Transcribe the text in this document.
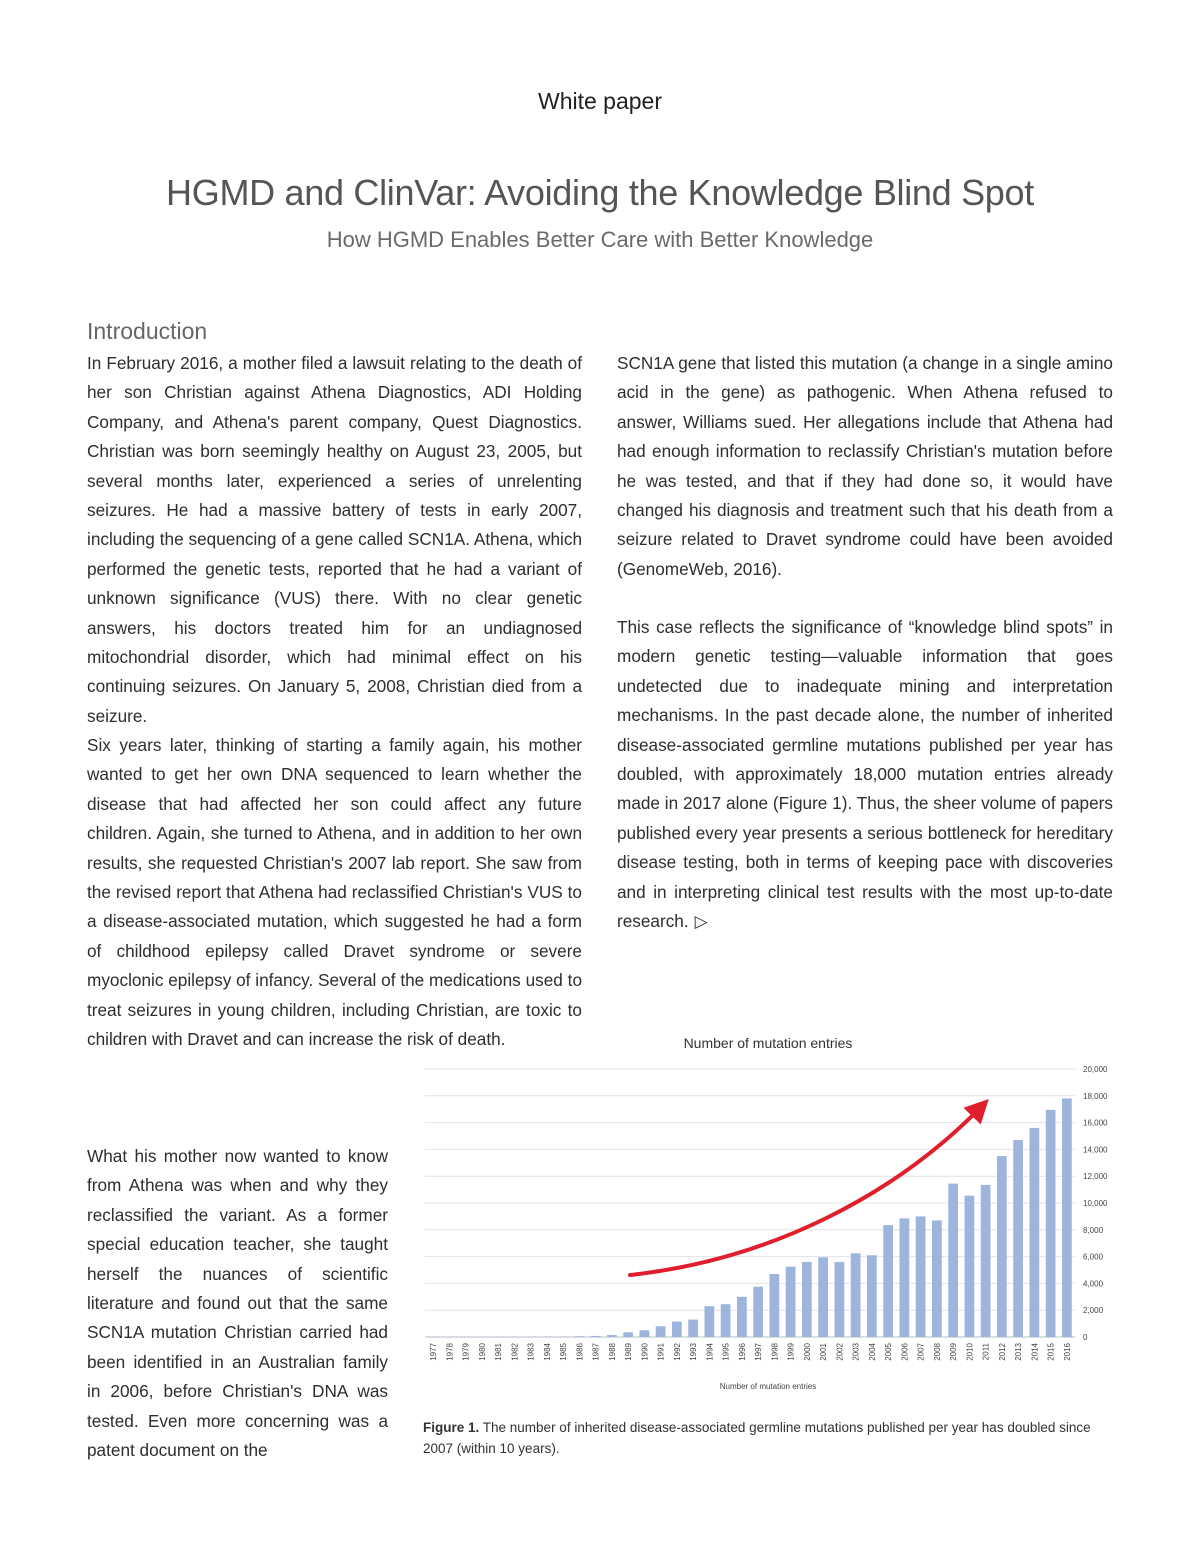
White paper
HGMD and ClinVar: Avoiding the Knowledge Blind Spot
How HGMD Enables Better Care with Better Knowledge
Introduction

In February 2016, a mother filed a lawsuit relating to the death of her son Christian against Athena Diagnostics, ADI Holding Company, and Athena's parent company, Quest Diagnostics. Christian was born seemingly healthy on August 23, 2005, but several months later, experienced a series of unrelenting seizures. He had a massive battery of tests in early 2007, including the sequencing of a gene called SCN1A. Athena, which performed the genetic tests, reported that he had a variant of unknown significance (VUS) there. With no clear genetic answers, his doctors treated him for an undiagnosed mitochondrial disorder, which had minimal effect on his continuing seizures. On January 5, 2008, Christian died from a seizure.

Six years later, thinking of starting a family again, his mother wanted to get her own DNA sequenced to learn whether the disease that had affected her son could affect any future children. Again, she turned to Athena, and in addition to her own results, she requested Christian's 2007 lab report. She saw from the revised report that Athena had reclassified Christian's VUS to a disease-associated mutation, which suggested he had a form of childhood epilepsy called Dravet syndrome or severe myoclonic epilepsy of infancy. Several of the medications used to treat seizures in young children, including Christian, are toxic to children with Dravet and can increase the risk of death.

What his mother now wanted to know from Athena was when and why they reclassified the variant. As a former special education teacher, she taught herself the nuances of scientific literature and found out that the same SCN1A mutation Christian carried had been identified in an Australian family in 2006, before Christian's DNA was tested. Even more concerning was a patent document on the

SCN1A gene that listed this mutation (a change in a single amino acid in the gene) as pathogenic. When Athena refused to answer, Williams sued. Her allegations include that Athena had had enough information to reclassify Christian's mutation before he was tested, and that if they had done so, it would have changed his diagnosis and treatment such that his death from a seizure related to Dravet syndrome could have been avoided (GenomeWeb, 2016).

This case reflects the significance of “knowledge blind spots” in modern genetic testing—valuable information that goes undetected due to inadequate mining and interpretation mechanisms. In the past decade alone, the number of inherited disease-associated germline mutations published per year has doubled, with approximately 18,000 mutation entries already made in 2017 alone (Figure 1). Thus, the sheer volume of papers published every year presents a serious bottleneck for hereditary disease testing, both in terms of keeping pace with discoveries and in interpreting clinical test results with the most up-to-date research. ▷

Number of mutation entries
0
2,000
4,000
6,000
8,000
10,000
12,000
14,000
16,000
18,000
20,000
1977 1978 1979 1980 1981 1982 1983 1984 1985 1986 1987 1988 1989 1990 1991 1992 1993 1994 1995 1996 1997 1998 1999 2000 2001 2002 2003 2004 2005 2006 2007 2008 2009 2010 2011 2012 2013 2014 2015 2016
Number of mutation entries

Figure 1. The number of inherited disease-associated germline mutations published per year has doubled since 2007 (within 10 years).
